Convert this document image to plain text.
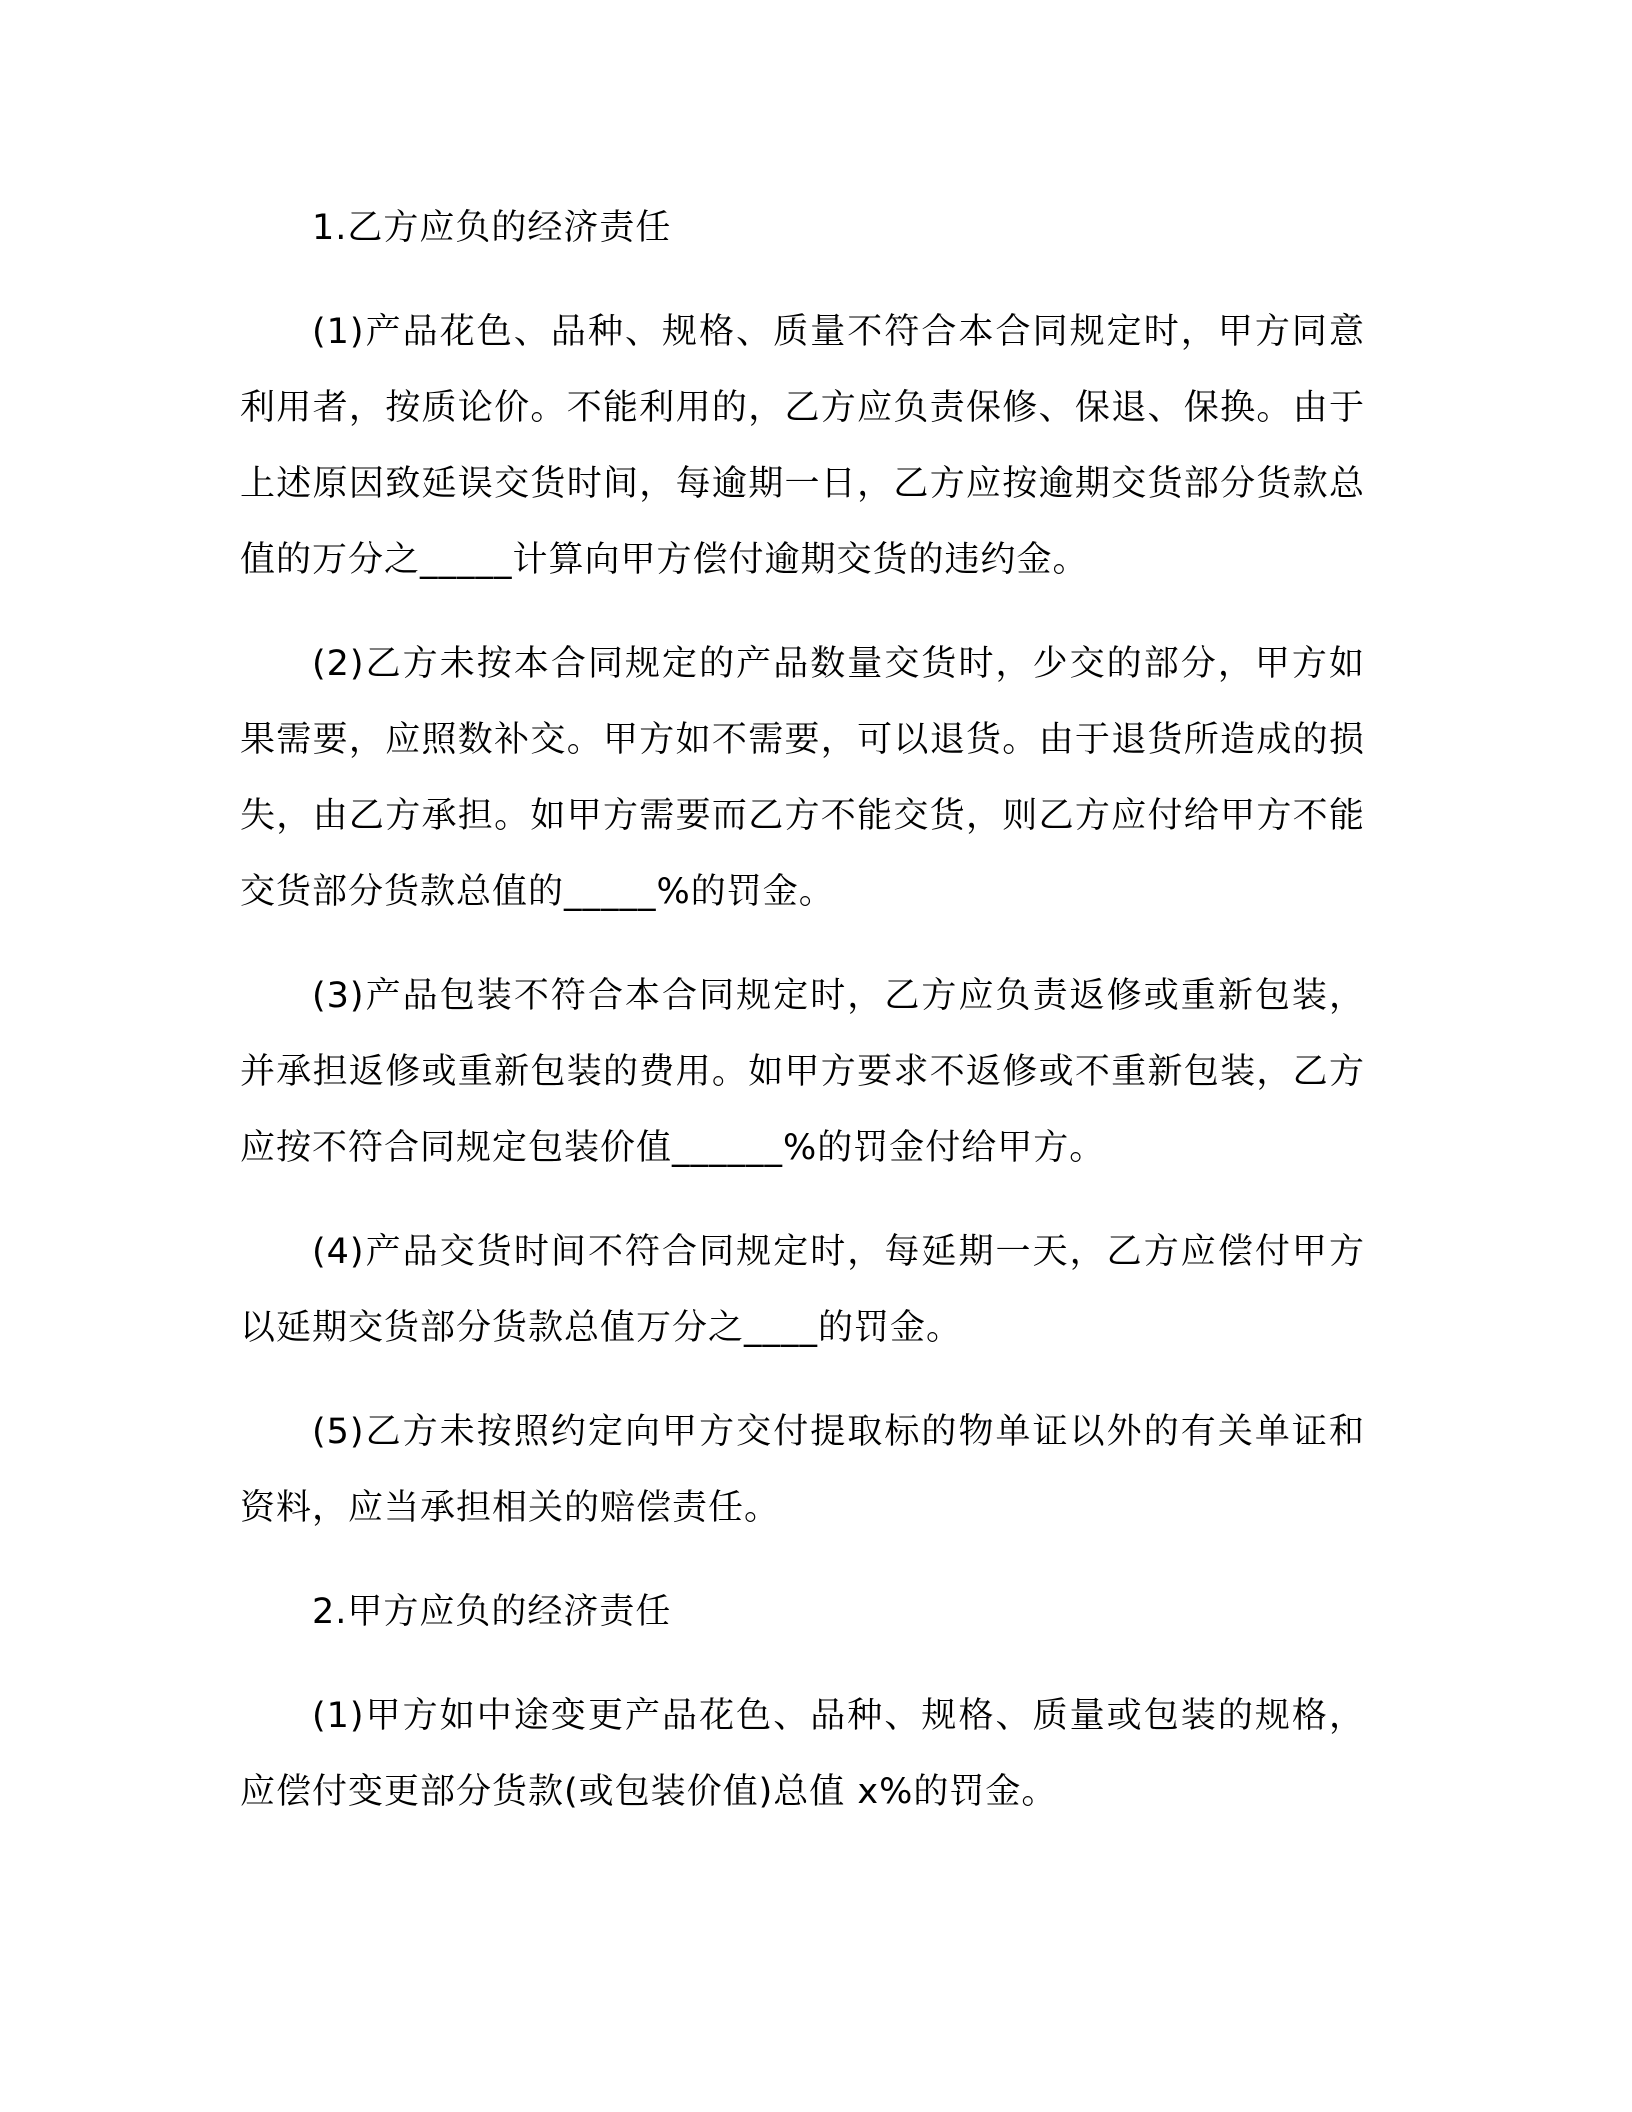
1.乙方应负的经济责任
(1)产品花色、品种、规格、质量不符合本合同规定时，甲方同意利用者，按质论价。不能利用的，乙方应负责保修、保退、保换。由于上述原因致延误交货时间，每逾期一日，乙方应按逾期交货部分货款总值的万分之_____计算向甲方偿付逾期交货的违约金。
(2)乙方未按本合同规定的产品数量交货时，少交的部分，甲方如果需要，应照数补交。甲方如不需要，可以退货。由于退货所造成的损失，由乙方承担。如甲方需要而乙方不能交货，则乙方应付给甲方不能交货部分货款总值的_____%的罚金。
(3)产品包装不符合本合同规定时，乙方应负责返修或重新包装，并承担返修或重新包装的费用。如甲方要求不返修或不重新包装，乙方应按不符合同规定包装价值______%的罚金付给甲方。
(4)产品交货时间不符合同规定时，每延期一天，乙方应偿付甲方以延期交货部分货款总值万分之____的罚金。
(5)乙方未按照约定向甲方交付提取标的物单证以外的有关单证和资料，应当承担相关的赔偿责任。
2.甲方应负的经济责任
(1)甲方如中途变更产品花色、品种、规格、质量或包装的规格，应偿付变更部分货款(或包装价值)总值 x%的罚金。
